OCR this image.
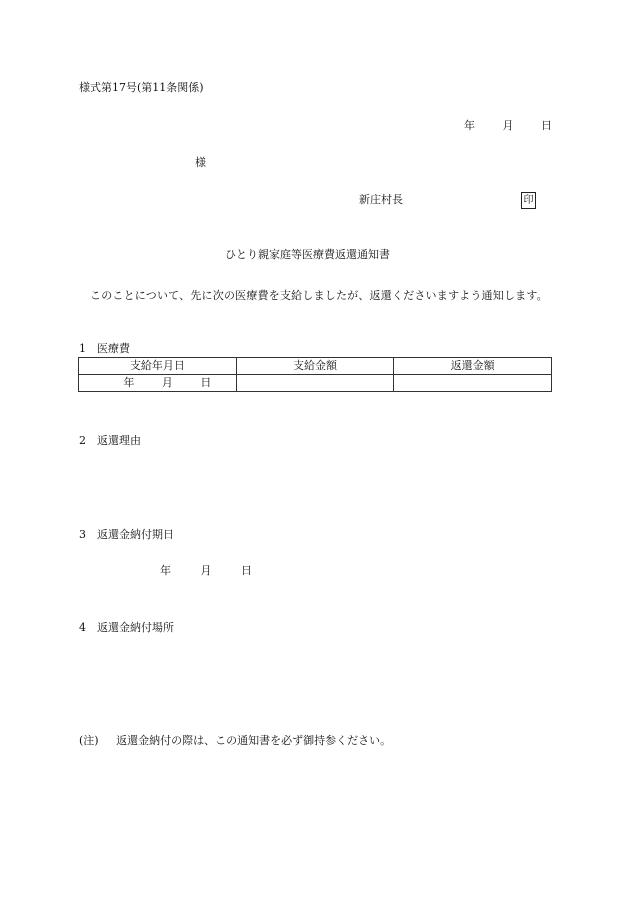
様式第17号(第11条関係)
年	月	日
様
新庄村長	印
ひとり親家庭等医療費返還通知書
このことについて、先に次の医療費を支給しましたが、返還くださいますよう通知します。
1　医療費
支給年月日	支給金額	返還金額
年 月 日		
2　返還理由
3　返還金納付期日
年	月	日
4　返還金納付場所
(注) 返還金納付の際は、この通知書を必ず御持参ください。
